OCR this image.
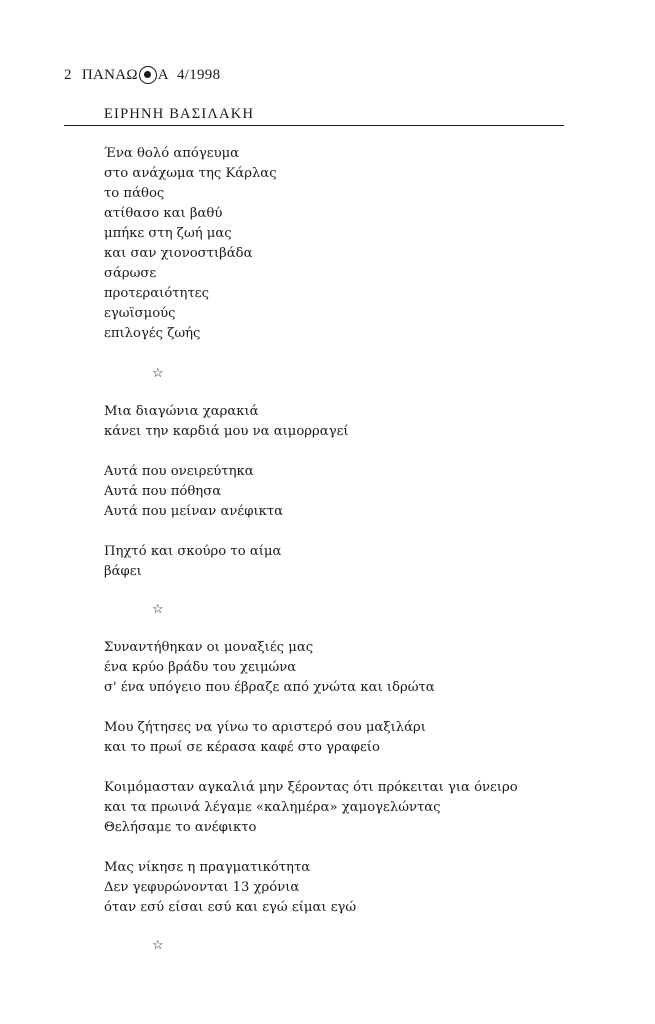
2 ΠΑΝΑΩ Α 4/1998
ΕΙΡΗΝΗ ΒΑΣΙΛΑΚΗ
Ένα θολό απόγευμα
στο ανάχωμα της Κάρλας
το πάθος
ατίθασο και βαθύ
μπήκε στη ζωή μας
και σαν χιονοστιβάδα
σάρωσε
προτεραιότητες
εγωϊσμούς
επιλογές ζωής
☆
Μια διαγώνια χαρακιά
κάνει την καρδιά μου να αιμορραγεί
Αυτά που ονειρεύτηκα
Αυτά που πόθησα
Αυτά που μείναν ανέφικτα
Πηχτό και σκούρο το αίμα
βάφει
☆
Συναντήθηκαν οι μοναξιές μας
ένα κρύο βράδυ του χειμώνα
σ' ένα υπόγειο που έβραζε από χνώτα και ιδρώτα
Μου ζήτησες να γίνω το αριστερό σου μαξιλάρι
και το πρωί σε κέρασα καφέ στο γραφείο
Κοιμόμασταν αγκαλιά μην ξέροντας ότι πρόκειται για όνειρο
και τα πρωινά λέγαμε «καλημέρα» χαμογελώντας
Θελήσαμε το ανέφικτο
Μας νίκησε η πραγματικότητα
Δεν γεφυρώνονται 13 χρόνια
όταν εσύ είσαι εσύ και εγώ είμαι εγώ
☆
